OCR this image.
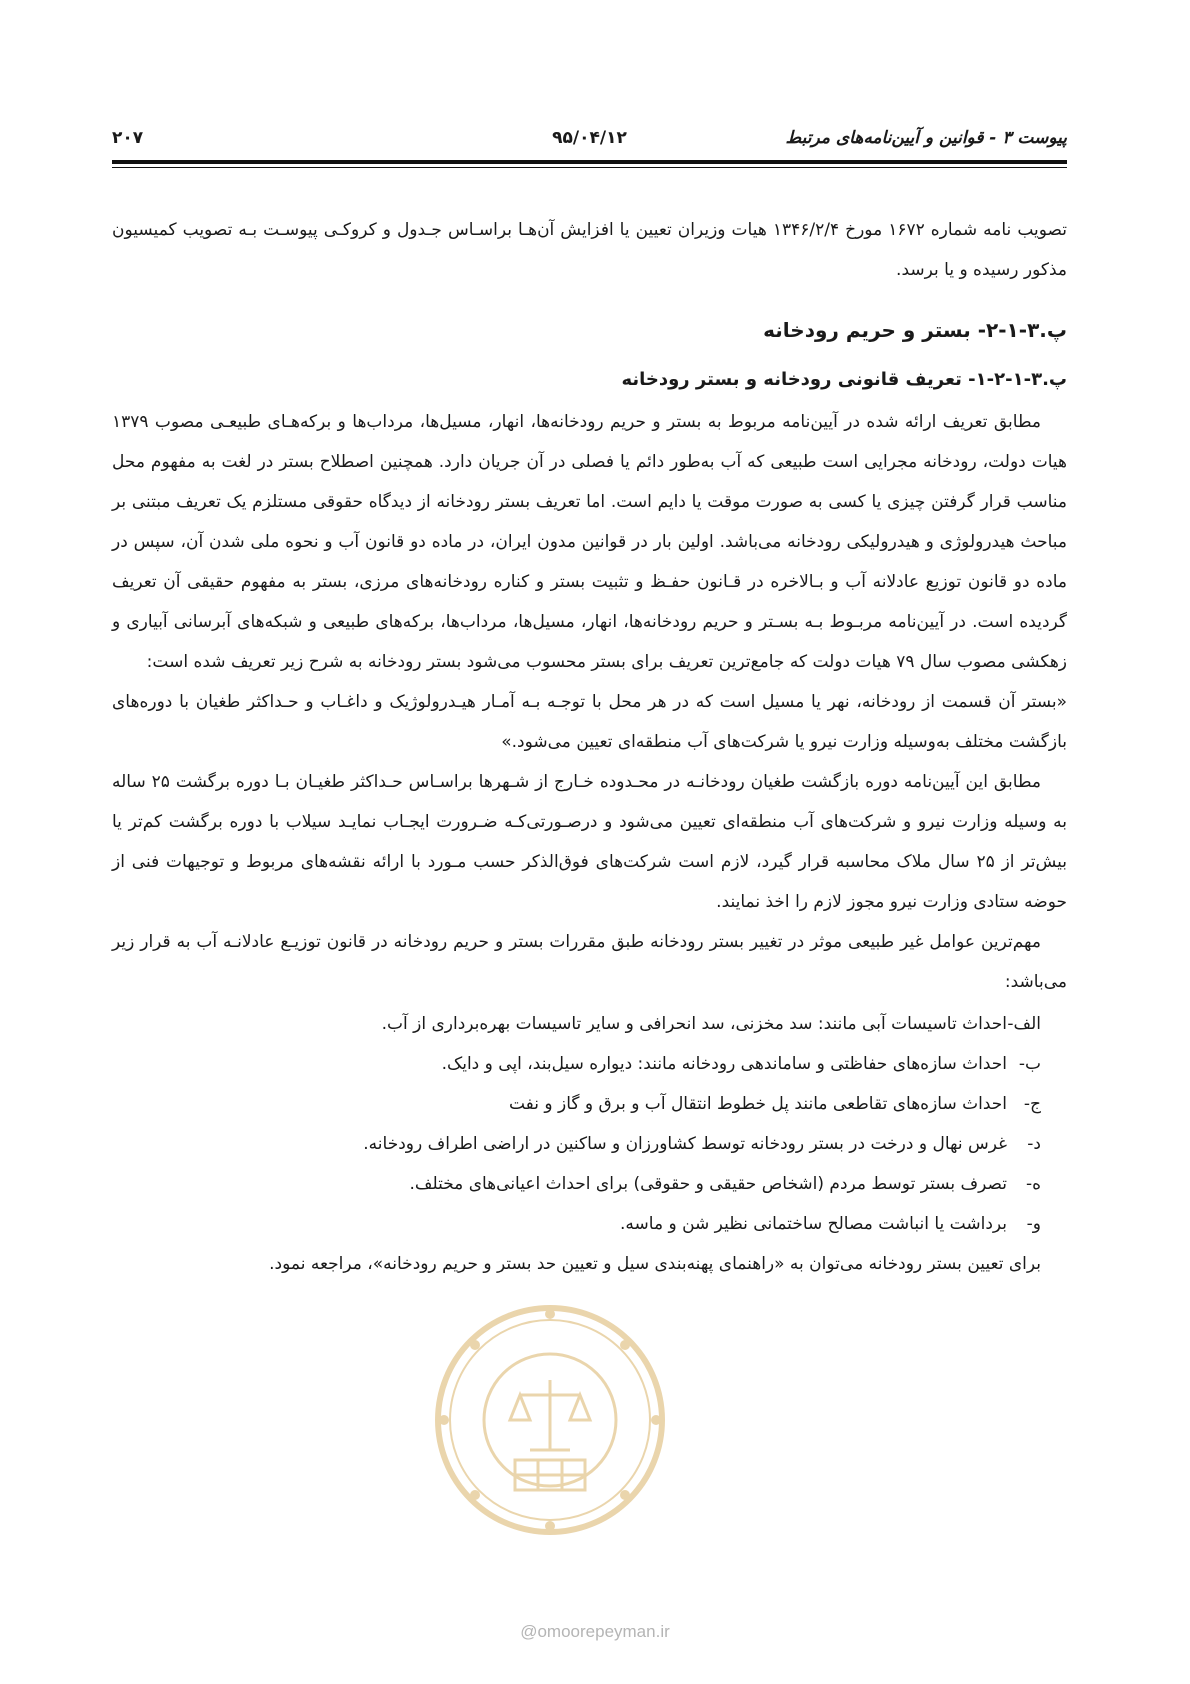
پیوست ۳ - قوانین و آیین‌نامه‌های مرتبط
۹۵/۰۴/۱۲
۲۰۷

تصویب نامه شماره ۱۶۷۲ مورخ ۱۳۴۶/۲/۴ هیات وزیران تعیین یا افزایش آن‌هـا براسـاس جـدول و کروکـی پیوسـت بـه تصویب کمیسیون مذکور رسیده و یا برسد.

پ.۳-۱-۲- بستر و حریم رودخانه
پ.۳-۱-۲-۱- تعریف قانونی رودخانه و بستر رودخانه

مطابق تعریف ارائه شده در آیین‌نامه مربوط به بستر و حریم رودخانه‌ها، انهار، مسیل‌ها، مرداب‌ها و برکه‌هـای طبیعـی مصوب ۱۳۷۹ هیات دولت، رودخانه مجرایی است طبیعی که آب به‌طور دائم یا فصلی در آن جریان دارد. همچنین اصطلاح بستر در لغت به مفهوم محل مناسب قرار گرفتن چیزی یا کسی به صورت موقت یا دایم است. اما تعریف بستر رودخانه از دیدگاه حقوقی مستلزم یک تعریف مبتنی بر مباحث هیدرولوژی و هیدرولیکی رودخانه می‌باشد. اولین بار در قوانین مدون ایران، در ماده دو قانون آب و نحوه ملی شدن آن، سپس در ماده دو قانون توزیع عادلانه آب و بـالاخره در قـانون حفـظ و تثبیت بستر و کناره رودخانه‌های مرزی، بستر به مفهوم حقیقی آن تعریف گردیده است. در آیین‌نامه مربـوط بـه بسـتر و حریم رودخانه‌ها، انهار، مسیل‌ها، مرداب‌ها، برکه‌های طبیعی و شبکه‌های آبرسانی آبیاری و زهکشی مصوب سال ۷۹ هیات دولت که جامع‌ترین تعریف برای بستر محسوب می‌شود بستر رودخانه به شرح زیر تعریف شده است:

«بستر آن قسمت از رودخانه، نهر یا مسیل است که در هر محل با توجـه بـه آمـار هیـدرولوژیک و داغـاب و حـداکثر طغیان با دوره‌های بازگشت مختلف به‌وسیله وزارت نیرو یا شرکت‌های آب منطقه‌ای تعیین می‌شود.»

مطابق این آیین‌نامه دوره بازگشت طغیان رودخانـه در محـدوده خـارج از شـهرها براسـاس حـداکثر طغیـان بـا دوره برگشت ۲۵ ساله به وسیله وزارت نیرو و شرکت‌های آب منطقه‌ای تعیین می‌شود و درصـورتی‌کـه ضـرورت ایجـاب نمایـد سیلاب با دوره برگشت کم‌تر یا بیش‌تر از ۲۵ سال ملاک محاسبه قرار گیرد، لازم است شرکت‌های فوق‌الذکر حسب مـورد با ارائه نقشه‌های مربوط و توجیهات فنی از حوضه ستادی وزارت نیرو مجوز لازم را اخذ نمایند.

مهم‌ترین عوامل غیر طبیعی موثر در تغییر بستر رودخانه طبق مقررات بستر و حریم رودخانه در قانون توزیـع عادلانـه آب به قرار زیر می‌باشد:

الف-
احداث تاسیسات آبی مانند: سد مخزنی، سد انحرافی و سایر تاسیسات بهره‌برداری از آب.
ب-
احداث سازه‌های حفاظتی و ساماندهی رودخانه مانند: دیواره سیل‌بند، اپی و دایک.
ج-
احداث سازه‌های تقاطعی مانند پل خطوط انتقال آب و برق و گاز و نفت
د-
غرس نهال و درخت در بستر رودخانه توسط کشاورزان و ساکنین در اراضی اطراف رودخانه.
ه-
تصرف بستر توسط مردم (اشخاص حقیقی و حقوقی) برای احداث اعیانی‌های مختلف.
و-
برداشت یا انباشت مصالح ساختمانی نظیر شن و ماسه.

برای تعیین بستر رودخانه می‌توان به «راهنمای پهنه‌بندی سیل و تعیین حد بستر و حریم رودخانه»، مراجعه نمود.

@omoorepeyman.ir
